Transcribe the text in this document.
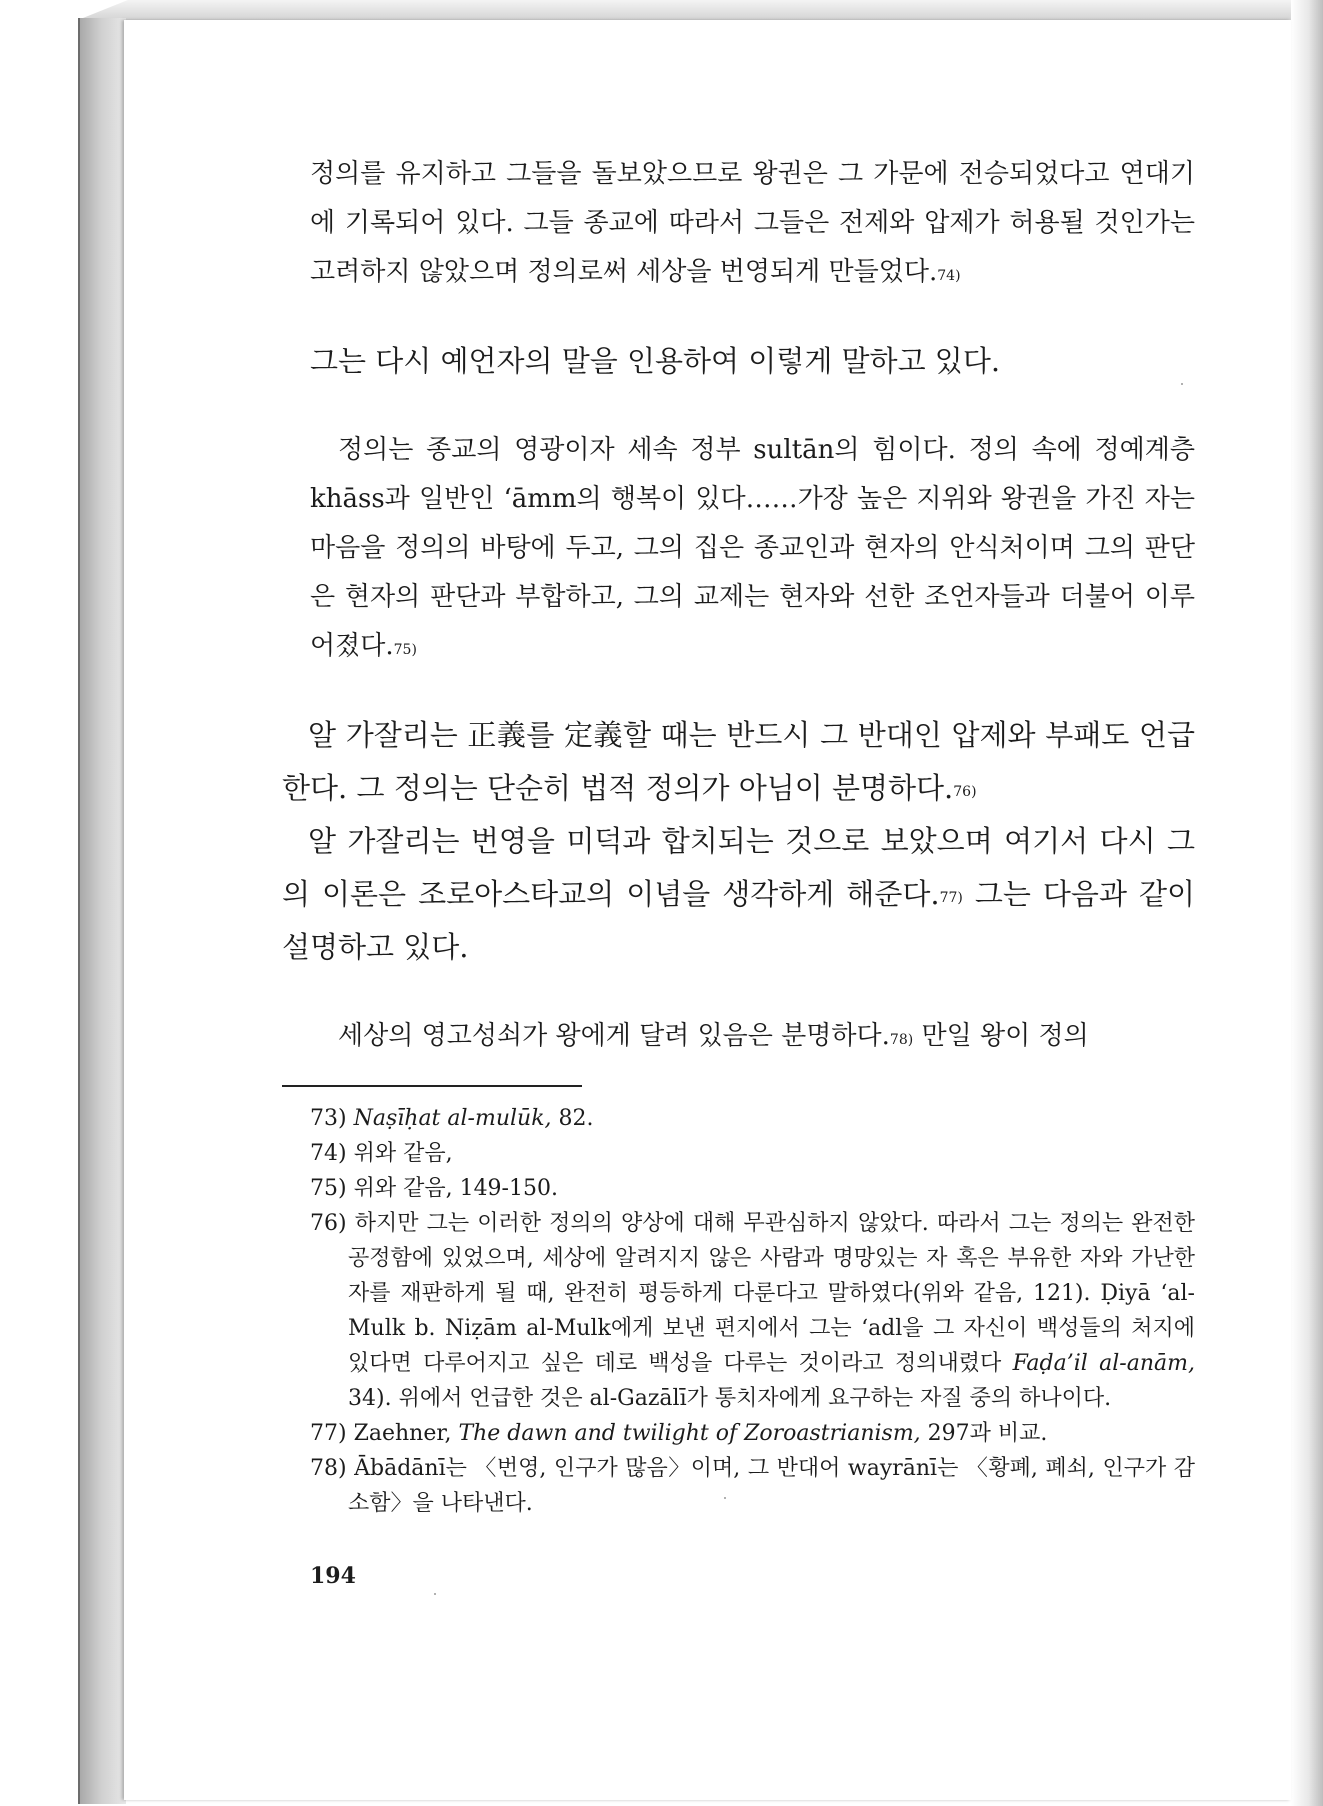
정의를 유지하고 그들을 돌보았으므로 왕권은 그 가문에 전승되었다고 연대기에 기록되어 있다. 그들 종교에 따라서 그들은 전제와 압제가 허용될 것인가는 고려하지 않았으며 정의로써 세상을 번영되게 만들었다.$^{74)}$

그는 다시 예언자의 말을 인용하여 이렇게 말하고 있다.

정의는 종교의 영광이자 세속 정부 sultān의 힘이다. 정의 속에 정예계층 khāss과 일반인 ‘āmm의 행복이 있다……가장 높은 지위와 왕권을 가진 자는 마음을 정의의 바탕에 두고, 그의 집은 종교인과 현자의 안식처이며 그의 판단은 현자의 판단과 부합하고, 그의 교제는 현자와 선한 조언자들과 더불어 이루어졌다.$^{75)}$

알 가잘리는 正義를 定義할 때는 반드시 그 반대인 압제와 부패도 언급한다. 그 정의는 단순히 법적 정의가 아님이 분명하다.$^{76)}$

알 가잘리는 번영을 미덕과 합치되는 것으로 보았으며 여기서 다시 그의 이론은 조로아스타교의 이념을 생각하게 해준다.$^{77)}$ 그는 다음과 같이 설명하고 있다.

세상의 영고성쇠가 왕에게 달려 있음은 분명하다.$^{78)}$ 만일 왕이 정의

73) Naṣīḥat al-mulūk, 82.

74) 위와 같음,

75) 위와 같음, 149-150.

76) 하지만 그는 이러한 정의의 양상에 대해 무관심하지 않았다. 따라서 그는 정의는 완전한 공정함에 있었으며, 세상에 알려지지 않은 사람과 명망있는 자 혹은 부유한 자와 가난한 자를 재판하게 될 때, 완전히 평등하게 다룬다고 말하였다(위와 같음, 121). Ḍiyā ‘al-Mulk b. Niẓām al-Mulk에게 보낸 편지에서 그는 ‘adl을 그 자신이 백성들의 처지에 있다면 다루어지고 싶은 데로 백성을 다루는 것이라고 정의내렸다 Faḍa’il al-anām, 34). 위에서 언급한 것은 al-Gazālī가 통치자에게 요구하는 자질 중의 하나이다.

77) Zaehner, The dawn and twilight of Zoroastrianism, 297과 비교.

78) Ābādānī는 〈번영, 인구가 많음〉이며, 그 반대어 wayrānī는 〈황폐, 폐쇠, 인구가 감소함〉을 나타낸다.

194
